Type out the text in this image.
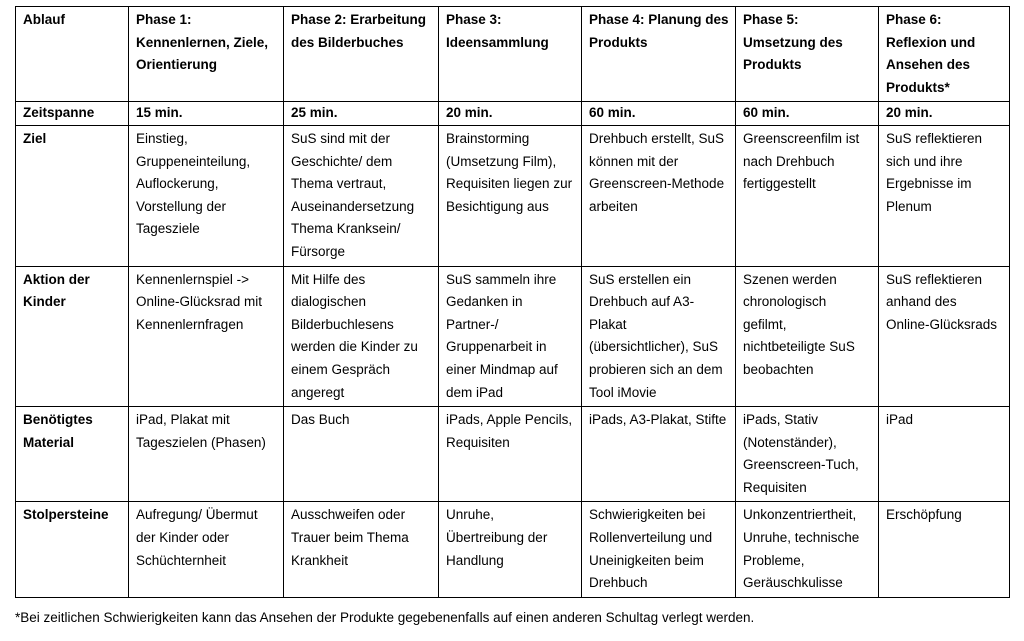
Ablauf	Phase 1: Kennenlernen, Ziele, Orientierung	Phase 2: Erarbeitung des Bilderbuches	Phase 3: Ideensammlung	Phase 4: Planung des Produkts	Phase 5: Umsetzung des Produkts	Phase 6: Reflexion und Ansehen des Produkts*
Zeitspanne	15 min.	25 min.	20 min.	60 min.	60 min.	20 min.
Ziel	Einstieg, Gruppeneinteilung, Auflockerung, Vorstellung der Tagesziele	SuS sind mit der Geschichte/ dem Thema vertraut, Auseinandersetzung Thema Kranksein/ Fürsorge	Brainstorming (Umsetzung Film), Requisiten liegen zur Besichtigung aus	Drehbuch erstellt, SuS können mit der Greenscreen-Methode arbeiten	Greenscreenfilm ist nach Drehbuch fertiggestellt	SuS reflektieren sich und ihre Ergebnisse im Plenum
Aktion der Kinder	Kennenlernspiel -> Online-Glücksrad mit Kennenlernfragen	Mit Hilfe des dialogischen Bilderbuchlesens werden die Kinder zu einem Gespräch angeregt	SuS sammeln ihre Gedanken in Partner-/ Gruppenarbeit in einer Mindmap auf dem iPad	SuS erstellen ein Drehbuch auf A3-Plakat (übersichtlicher), SuS probieren sich an dem Tool iMovie	Szenen werden chronologisch gefilmt, nichtbeteiligte SuS beobachten	SuS reflektieren anhand des Online-Glücksrads
Benötigtes Material	iPad, Plakat mit Tageszielen (Phasen)	Das Buch	iPads, Apple Pencils, Requisiten	iPads, A3-Plakat, Stifte	iPads, Stativ (Notenständer), Greenscreen-Tuch, Requisiten	iPad
Stolpersteine	Aufregung/ Übermut der Kinder oder Schüchternheit	Ausschweifen oder Trauer beim Thema Krankheit	Unruhe, Übertreibung der Handlung	Schwierigkeiten bei Rollenverteilung und Uneinigkeiten beim Drehbuch	Unkonzentriertheit, Unruhe, technische Probleme, Geräuschkulisse	Erschöpfung
*Bei zeitlichen Schwierigkeiten kann das Ansehen der Produkte gegebenenfalls auf einen anderen Schultag verlegt werden.
